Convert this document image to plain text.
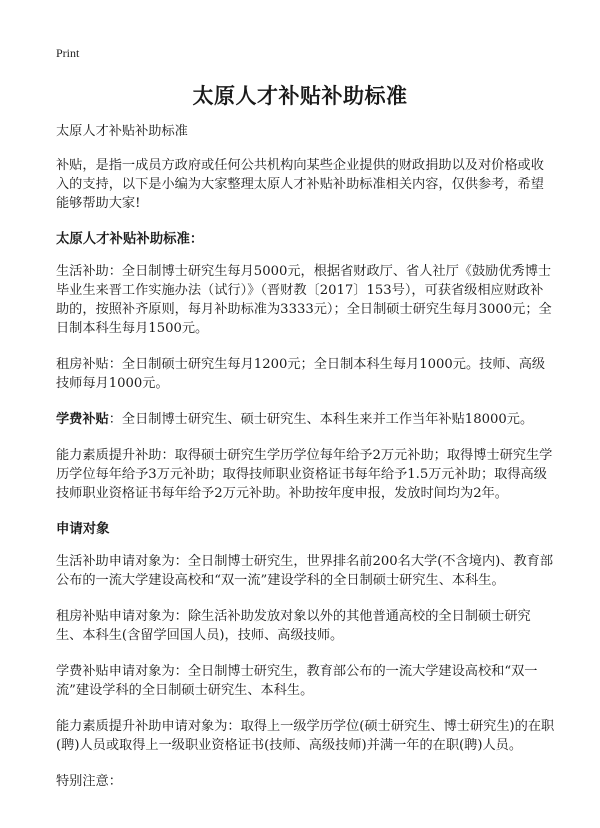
Print
太原人才补贴补助标准

太原人才补贴补助标准

补贴，是指一成员方政府或任何公共机构向某些企业提供的财政捐助以及对价格或收入的支持，以下是小编为大家整理太原人才补贴补助标准相关内容，仅供参考，希望能够帮助大家!

太原人才补贴补助标准：

生活补助：全日制博士研究生每月5000元，根据省财政厅、省人社厅《鼓励优秀博士毕业生来晋工作实施办法（试行）》（晋财教〔2017〕153号），可获省级相应财政补助的，按照补齐原则，每月补助标准为3333元）；全日制硕士研究生每月3000元；全日制本科生每月1500元。

租房补贴：全日制硕士研究生每月1200元；全日制本科生每月1000元。技师、高级技师每月1000元。

学费补贴：全日制博士研究生、硕士研究生、本科生来并工作当年补贴18000元。

能力素质提升补助：取得硕士研究生学历学位每年给予2万元补助；取得博士研究生学历学位每年给予3万元补助；取得技师职业资格证书每年给予1.5万元补助；取得高级技师职业资格证书每年给予2万元补助。补助按年度申报，发放时间均为2年。

申请对象

生活补助申请对象为：全日制博士研究生，世界排名前200名大学(不含境内)、教育部公布的一流大学建设高校和“双一流”建设学科的全日制硕士研究生、本科生。

租房补贴申请对象为：除生活补助发放对象以外的其他普通高校的全日制硕士研究生、本科生(含留学回国人员)，技师、高级技师。

学费补贴申请对象为：全日制博士研究生，教育部公布的一流大学建设高校和“双一流”建设学科的全日制硕士研究生、本科生。

能力素质提升补助申请对象为：取得上一级学历学位(硕士研究生、博士研究生)的在职(聘)人员或取得上一级职业资格证书(技师、高级技师)并满一年的在职(聘)人员。

特别注意：
